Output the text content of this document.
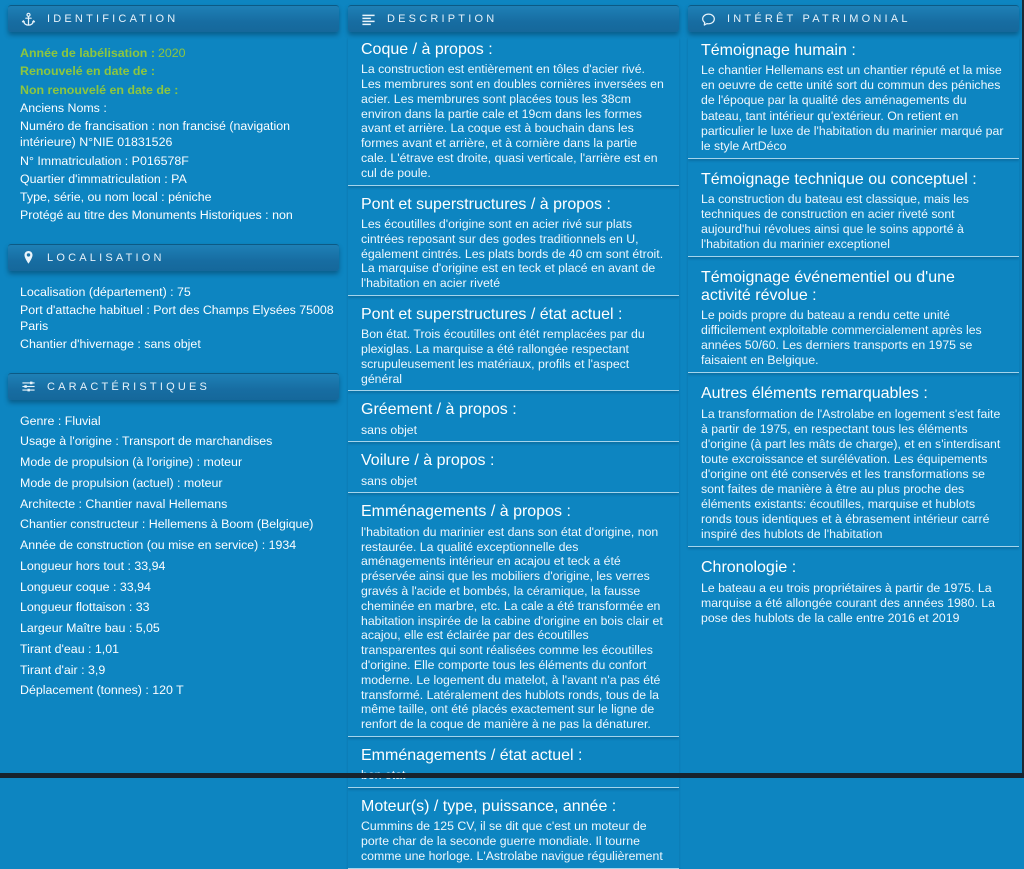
IDENTIFICATION
Année de labélisation : 2020
Renouvelé en date de :
Non renouvelé en date de :
Anciens Noms :
Numéro de francisation : non francisé (navigation intérieure) N°NIE 01831526
N° Immatriculation : P016578F
Quartier d'immatriculation : PA
Type, série, ou nom local : péniche
Protégé au titre des Monuments Historiques : non
LOCALISATION
Localisation (département) : 75
Port d'attache habituel : Port des Champs Elysées 75008 Paris
Chantier d'hivernage : sans objet
CARACTÉRISTIQUES
Genre : Fluvial
Usage à l'origine : Transport de marchandises
Mode de propulsion (à l'origine) : moteur
Mode de propulsion (actuel) : moteur
Architecte : Chantier naval Hellemans
Chantier constructeur : Hellemens à Boom (Belgique)
Année de construction (ou mise en service) : 1934
Longueur hors tout : 33,94
Longueur coque : 33,94
Longueur flottaison : 33
Largeur Maître bau : 5,05
Tirant d'eau : 1,01
Tirant d'air : 3,9
Déplacement (tonnes) : 120 T
DESCRIPTION
Coque / à propos :

La construction est entièrement en tôles d'acier rivé. Les membrures sont en doubles cornières inversées en acier. Les membrures sont placées tous les 38cm environ dans la partie cale et 19cm dans les formes avant et arrière. La coque est à bouchain dans les formes avant et arrière, et à cornière dans la partie cale. L'étrave est droite, quasi verticale, l'arrière est en cul de poule.

Pont et superstructures / à propos :

Les écoutilles d'origine sont en acier rivé sur plats cintrées reposant sur des godes traditionnels en U, également cintrés. Les plats bords de 40 cm sont étroit. La marquise d'origine est en teck et placé en avant de l'habitation en acier riveté

Pont et superstructures / état actuel :

Bon état. Trois écoutilles ont étét remplacées par du plexiglas. La marquise a été rallongée respectant scrupuleusement les matériaux, profils et l'aspect général

Gréement / à propos :

sans objet

Voilure / à propos :

sans objet

Emménagements / à propos :

l'habitation du marinier est dans son état d'origine, non restaurée. La qualité exceptionnelle des aménagements intérieur en acajou et teck a été préservée ainsi que les mobiliers d'origine, les verres gravés à l'acide et bombés, la céramique, la fausse cheminée en marbre, etc. La cale a été transformée en habitation inspirée de la cabine d'origine en bois clair et acajou, elle est éclairée par des écoutilles transparentes qui sont réalisées comme les écoutilles d'origine. Elle comporte tous les éléments du confort moderne. Le logement du matelot, à l'avant n'a pas été transformé. Latéralement des hublots ronds, tous de la même taille, ont été placés exactement sur le ligne de renfort de la coque de manière à ne pas la dénaturer.

Emménagements / état actuel :

Moteur(s) / type, puissance, année :

Cummins de 125 CV, il se dit que c'est un moteur de porte char de la seconde guerre mondiale. Il tourne comme une horloge. L'Astrolabe navigue régulièrement

INTÉRÊT PATRIMONIAL
Témoignage humain :

Le chantier Hellemans est un chantier réputé et la mise en oeuvre de cette unité sort du commun des péniches de l'époque par la qualité des aménagements du bateau, tant intérieur qu'extérieur. On retient en particulier le luxe de l'habitation du marinier marqué par le style ArtDéco

Témoignage technique ou conceptuel :

La construction du bateau est classique, mais les techniques de construction en acier riveté sont aujourd'hui révolues ainsi que le soins apporté à l'habitation du marinier exceptionel

Témoignage événementiel ou d'une activité révolue :

Le poids propre du bateau a rendu cette unité difficilement exploitable commercialement après les années 50/60. Les derniers transports en 1975 se faisaient en Belgique.

Autres éléments remarquables :

La transformation de l'Astrolabe en logement s'est faite à partir de 1975, en respectant tous les éléments d'origine (à part les mâts de charge), et en s'interdisant toute excroissance et surélévation. Les équipements d'origine ont été conservés et les transformations se sont faites de manière à être au plus proche des éléments existants: écoutilles, marquise et hublots ronds tous identiques et à ébrasement intérieur carré inspiré des hublots de l'habitation

Chronologie :

Le bateau a eu trois propriétaires à partir de 1975. La marquise a été allongée courant des années 1980. La pose des hublots de la calle entre 2016 et 2019
